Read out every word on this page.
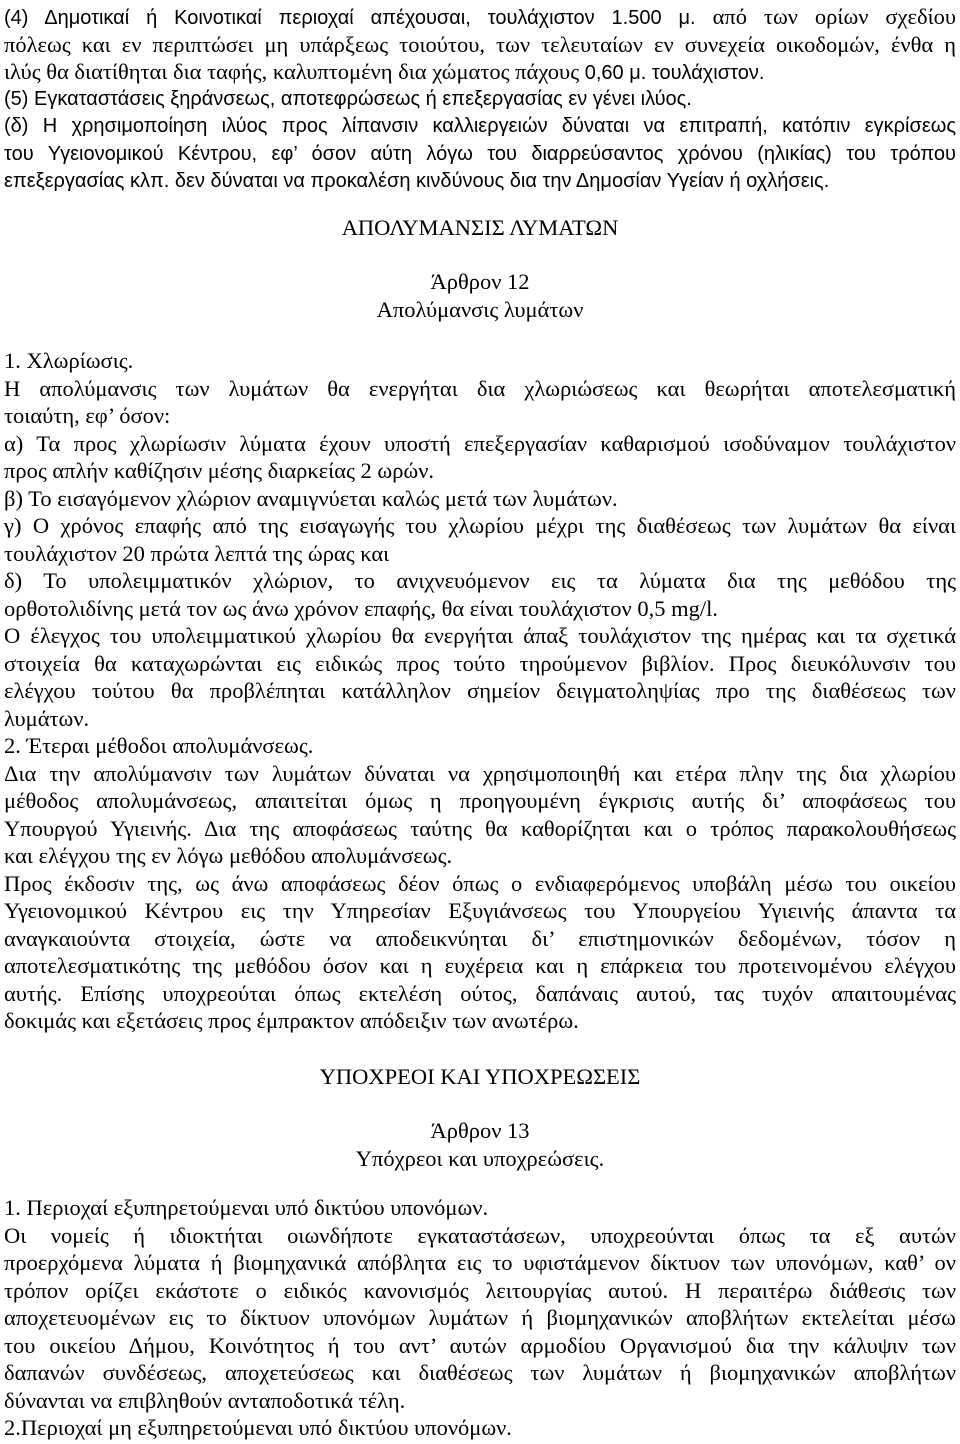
(4) Δημοτικαί ή Κοινοτικαί περιοχαί απέχουσαι, τουλάχιστον 1.500 μ. από των ορίων σχεδίου
πόλεως και εν περιπτώσει μη υπάρξεως τοιούτου, των τελευταίων εν συνεχεία οικοδομών, ένθα η
ιλύς θα διατίθηται δια ταφής, καλυπτομένη δια χώματος πάχους 0,60 μ. τουλάχιστον.
(5) Εγκαταστάσεις ξηράνσεως, αποτεφρώσεως ή επεξεργασίας εν γένει ιλύος.
(δ) Η χρησιμοποίηση ιλύος προς λίπανσιν καλλιεργειών δύναται να επιτραπή, κατόπιν εγκρίσεως
του Υγειονομικού Κέντρου, εφ’ όσον αύτη λόγω του διαρρεύσαντος χρόνου (ηλικίας) του τρόπου
επεξεργασίας κλπ. δεν δύναται να προκαλέση κινδύνους δια την Δημοσίαν Υγείαν ή οχλήσεις.
ΑΠΟΛΥΜΑΝΣΙΣ ΛΥΜΑΤΩΝ
Άρθρον 12
Απολύμανσις λυμάτων
1. Χλωρίωσις.
Η απολύμανσις των λυμάτων θα ενεργήται δια χλωριώσεως και θεωρήται αποτελεσματική
τοιαύτη, εφ’ όσον:
α) Τα προς χλωρίωσιν λύματα έχουν υποστή επεξεργασίαν καθαρισμού ισοδύναμον τουλάχιστον
προς απλήν καθίζησιν μέσης διαρκείας 2 ωρών.
β) Το εισαγόμενον χλώριον αναμιγνύεται καλώς μετά των λυμάτων.
γ) Ο χρόνος επαφής από της εισαγωγής του χλωρίου μέχρι της διαθέσεως των λυμάτων θα είναι
τουλάχιστον 20 πρώτα λεπτά της ώρας και
δ) Το υπολειμματικόν χλώριον, το ανιχνευόμενον εις τα λύματα δια της μεθόδου της
ορθοτολιδίνης μετά τον ως άνω χρόνον επαφής, θα είναι τουλάχιστον 0,5 mg/l.
Ο έλεγχος του υπολειμματικού χλωρίου θα ενεργήται άπαξ τουλάχιστον της ημέρας και τα σχετικά
στοιχεία θα καταχωρώνται εις ειδικώς προς τούτο τηρούμενον βιβλίον. Προς διευκόλυνσιν του
ελέγχου τούτου θα προβλέπηται κατάλληλον σημείον δειγματοληψίας προ της διαθέσεως των
λυμάτων.
2. Έτεραι μέθοδοι απολυμάνσεως.
Δια την απολύμανσιν των λυμάτων δύναται να χρησιμοποιηθή και ετέρα πλην της δια χλωρίου
μέθοδος απολυμάνσεως, απαιτείται όμως η προηγουμένη έγκρισις αυτής δι’ αποφάσεως του
Υπουργού Υγιεινής. Δια της αποφάσεως ταύτης θα καθορίζηται και ο τρόπος παρακολουθήσεως
και ελέγχου της εν λόγω μεθόδου απολυμάνσεως.
Προς έκδοσιν της, ως άνω αποφάσεως δέον όπως ο ενδιαφερόμενος υποβάλη μέσω του οικείου
Υγειονομικού Κέντρου εις την Υπηρεσίαν Εξυγιάνσεως του Υπουργείου Υγιεινής άπαντα τα
αναγκαιούντα στοιχεία, ώστε να αποδεικνύηται δι’ επιστημονικών δεδομένων, τόσον η
αποτελεσματικότης της μεθόδου όσον και η ευχέρεια και η επάρκεια του προτεινομένου ελέγχου
αυτής. Επίσης υποχρεούται όπως εκτελέση ούτος, δαπάναις αυτού, τας τυχόν απαιτουμένας
δοκιμάς και εξετάσεις προς έμπρακτον απόδειξιν των ανωτέρω.
ΥΠΟΧΡΕΟΙ ΚΑΙ ΥΠΟΧΡΕΩΣΕΙΣ
Άρθρον 13
Υπόχρεοι και υποχρεώσεις.
1. Περιοχαί εξυπηρετούμεναι υπό δικτύου υπονόμων.
Οι νομείς ή ιδιοκτήται οιωνδήποτε εγκαταστάσεων, υποχρεούνται όπως τα εξ αυτών
προερχόμενα λύματα ή βιομηχανικά απόβλητα εις το υφιστάμενον δίκτυον των υπονόμων, καθ’ ον
τρόπον ορίζει εκάστοτε ο ειδικός κανονισμός λειτουργίας αυτού. Η περαιτέρω διάθεσις των
αποχετευομένων εις το δίκτυον υπονόμων λυμάτων ή βιομηχανικών αποβλήτων εκτελείται μέσω
του οικείου Δήμου, Κοινότητος ή του αντ’ αυτών αρμοδίου Οργανισμού δια την κάλυψιν των
δαπανών συνδέσεως, αποχετεύσεως και διαθέσεως των λυμάτων ή βιομηχανικών αποβλήτων
δύνανται να επιβληθούν ανταποδοτικά τέλη.
2.Περιοχαί μη εξυπηρετούμεναι υπό δικτύου υπονόμων.
